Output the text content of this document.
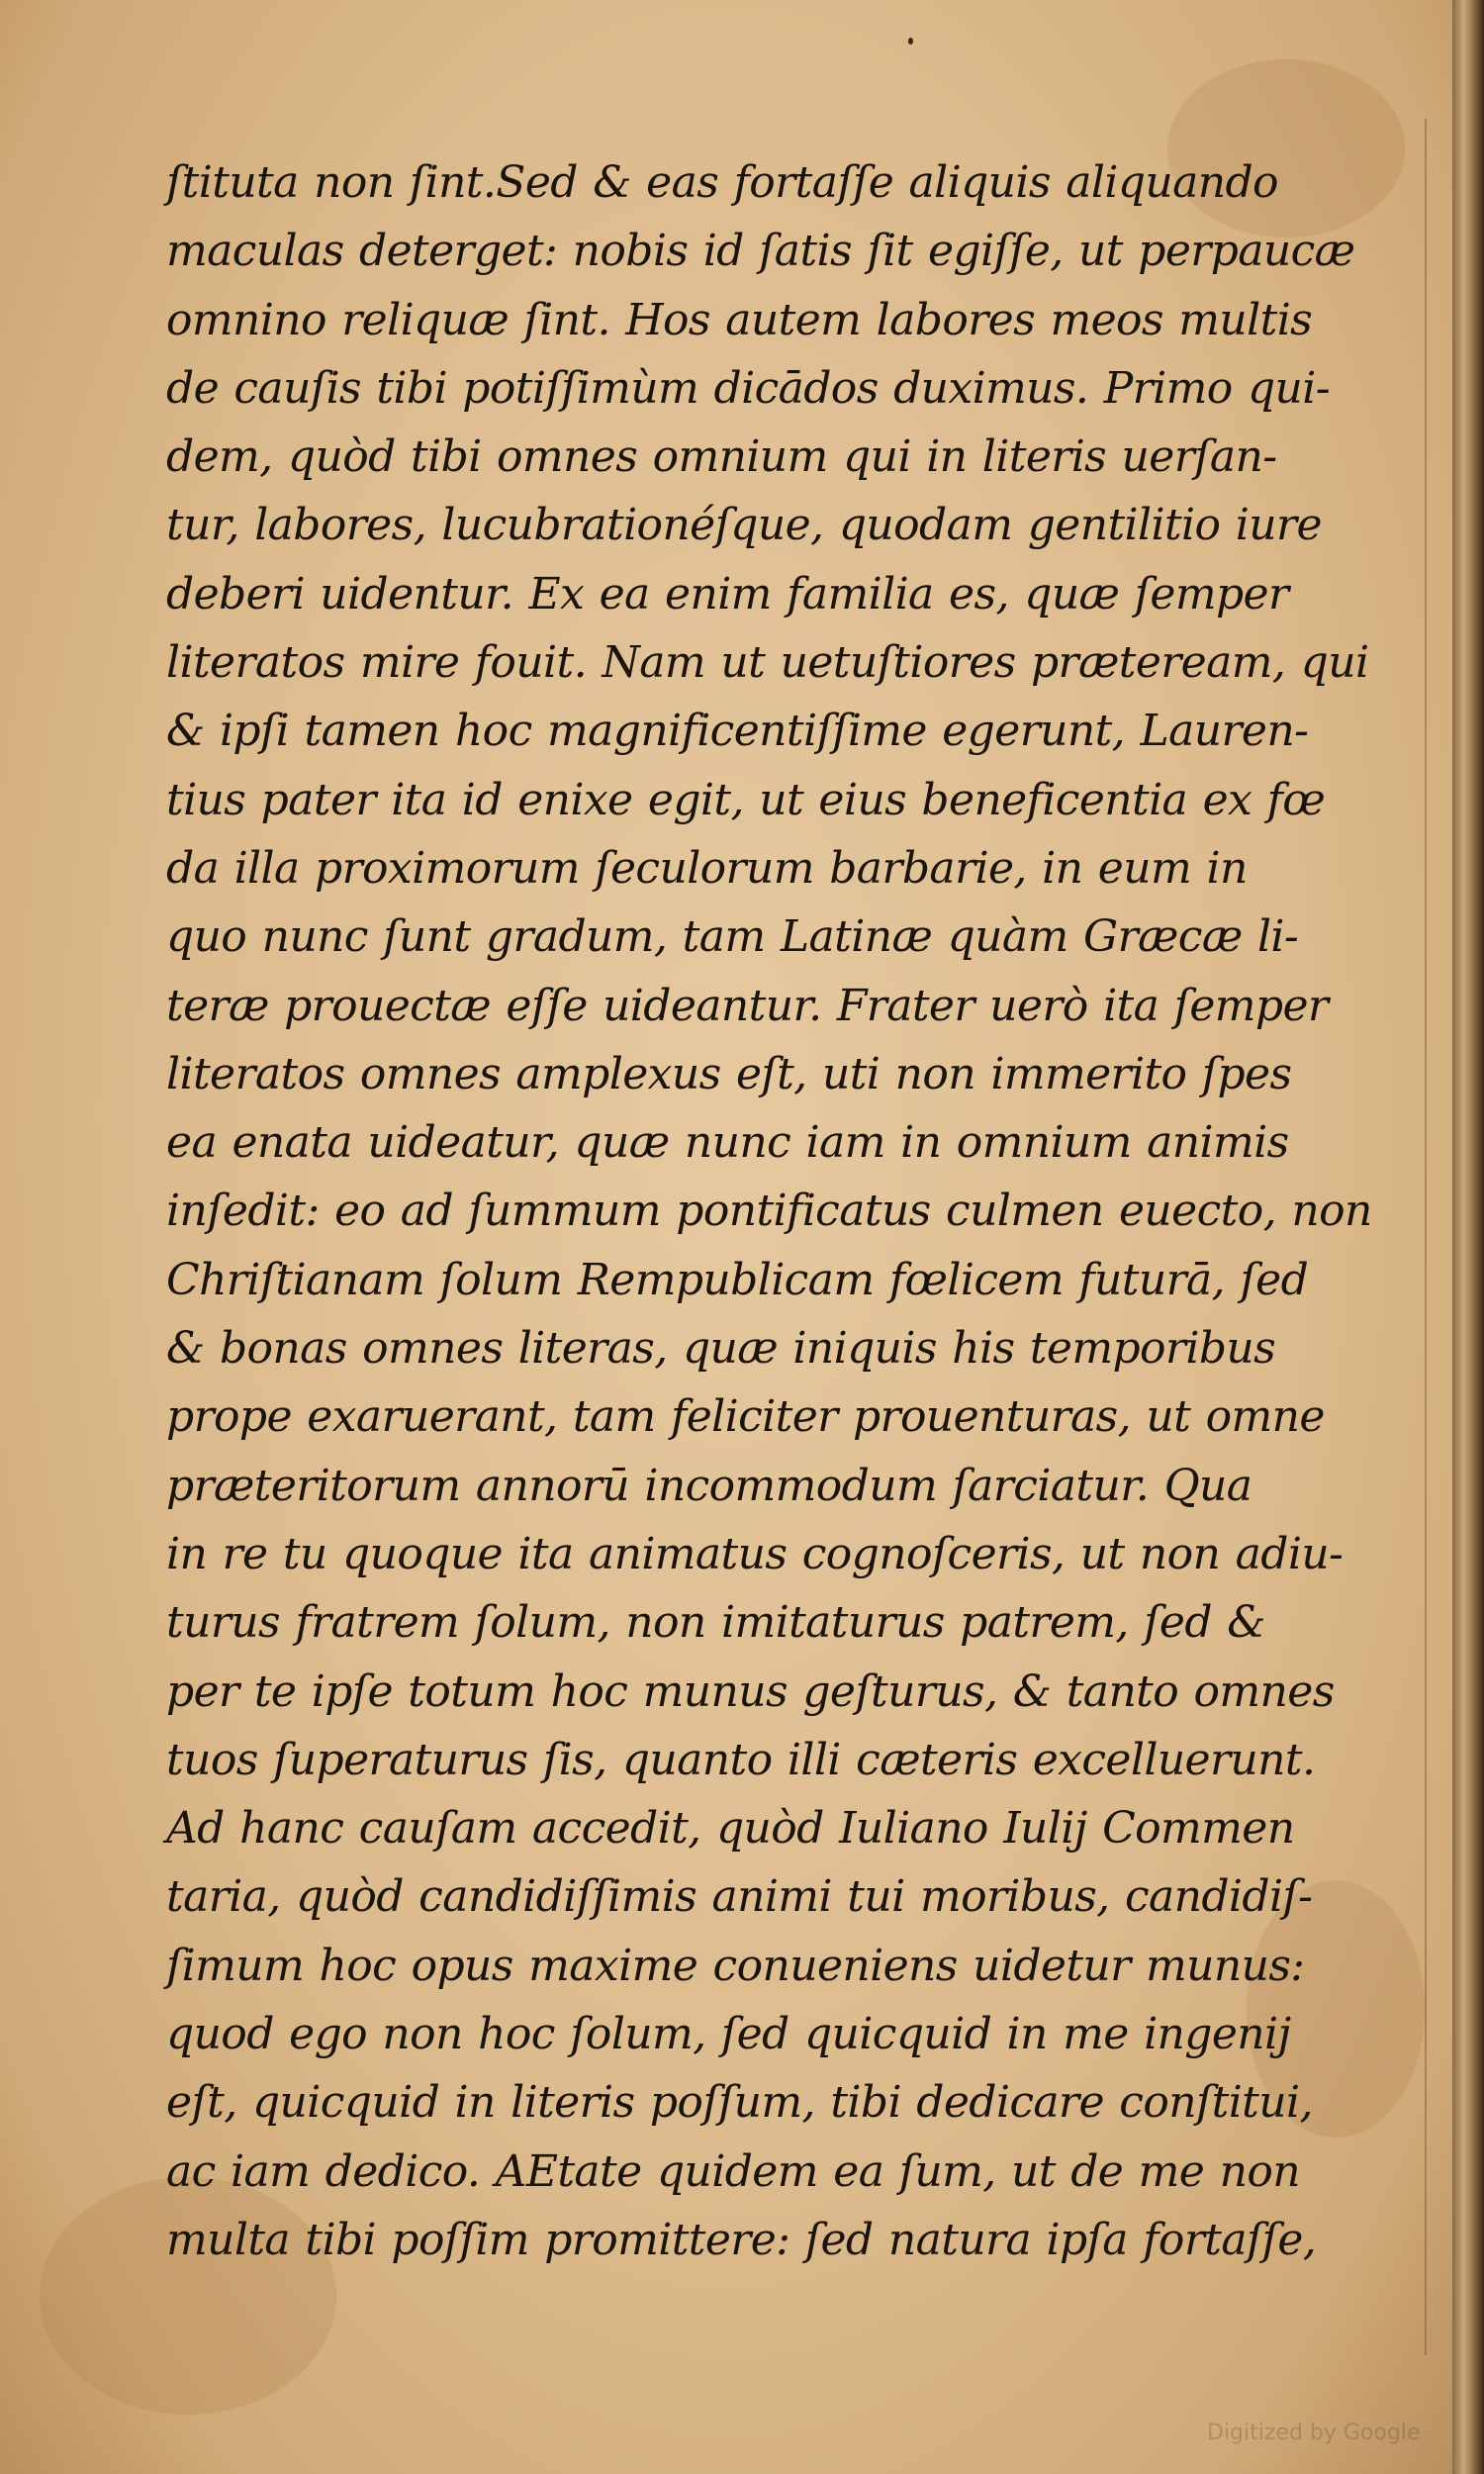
ſtituta non ſint.Sed & eas fortaſſe aliquis aliquando
maculas deterget: nobis id ſatis ſit egiſſe, ut perpaucæ
omnino reliquæ ſint. Hos autem labores meos multis
de cauſis tibi potiſſimùm dicādos duximus. Primo qui-
dem, quòd tibi omnes omnium qui in literis uerſan-
tur, labores, lucubrationéſque, quodam gentilitio iure
deberi uidentur. Ex ea enim familia es, quæ ſemper
literatos mire fouit. Nam ut uetuſtiores præteream, qui
& ipſi tamen hoc magnificentiſſime egerunt, Lauren-
tius pater ita id enixe egit, ut eius beneficentia ex fœ
da illa proximorum ſeculorum barbarie, in eum in
quo nunc ſunt gradum, tam Latinæ quàm Græcæ li-
teræ prouectæ eſſe uideantur. Frater uerò ita ſemper
literatos omnes amplexus eſt, uti non immerito ſpes
ea enata uideatur, quæ nunc iam in omnium animis
inſedit: eo ad ſummum pontificatus culmen euecto, non
Chriſtianam ſolum Rempublicam fœlicem futurā, ſed
& bonas omnes literas, quæ iniquis his temporibus
prope exaruerant, tam feliciter prouenturas, ut omne
præteritorum annorū incommodum ſarciatur. Qua
in re tu quoque ita animatus cognoſceris, ut non adiu-
turus fratrem ſolum, non imitaturus patrem, ſed &
per te ipſe totum hoc munus geſturus, & tanto omnes
tuos ſuperaturus ſis, quanto illi cæteris excelluerunt.
Ad hanc cauſam accedit, quòd Iuliano Iulij Commen
taria, quòd candidiſſimis animi tui moribus, candidiſ-
ſimum hoc opus maxime conueniens uidetur munus:
quod ego non hoc ſolum, ſed quicquid in me ingenij
eſt, quicquid in literis poſſum, tibi dedicare conſtitui,
ac iam dedico. AEtate quidem ea ſum, ut de me non
multa tibi poſſim promittere: ſed natura ipſa fortaſſe,
Digitized by Google
